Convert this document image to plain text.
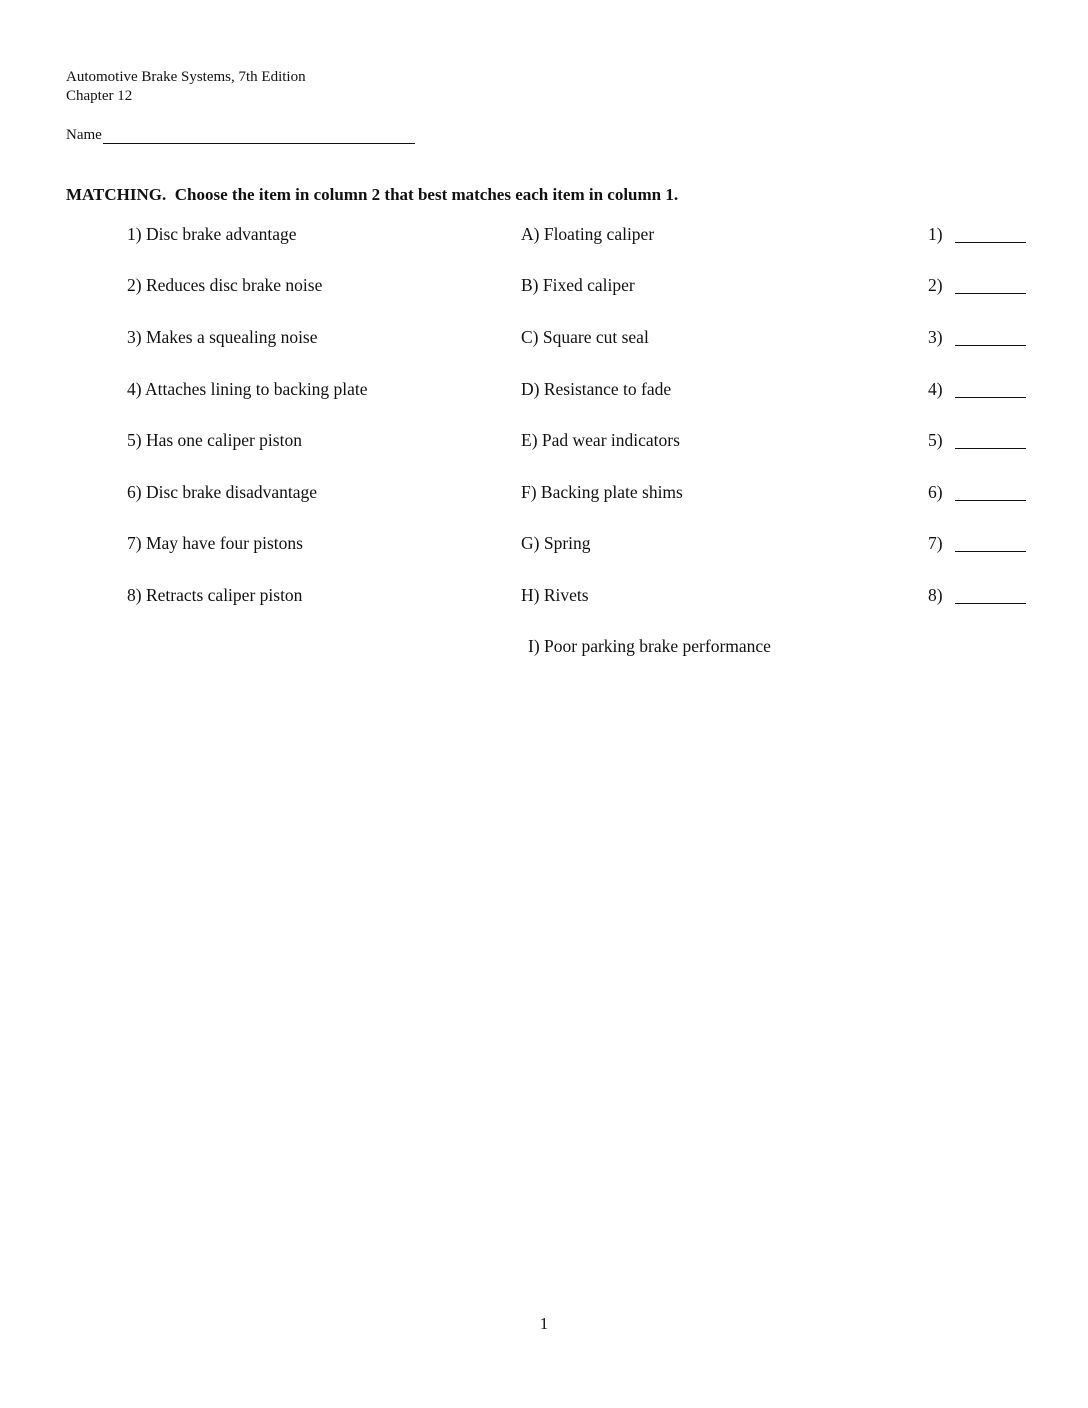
Automotive Brake Systems, 7th Edition
Chapter 12
Name
MATCHING.  Choose the item in column 2 that best matches each item in column 1.
1) Disc brake advantage	A) Floating caliper	1)
2) Reduces disc brake noise	B) Fixed caliper	2)
3) Makes a squealing noise	C) Square cut seal	3)
4) Attaches lining to backing plate	D) Resistance to fade	4)
5) Has one caliper piston	E) Pad wear indicators	5)
6) Disc brake disadvantage	F) Backing plate shims	6)
7) May have four pistons	G) Spring	7)
8) Retracts caliper piston	H) Rivets	8)
I) Poor parking brake performance
1
